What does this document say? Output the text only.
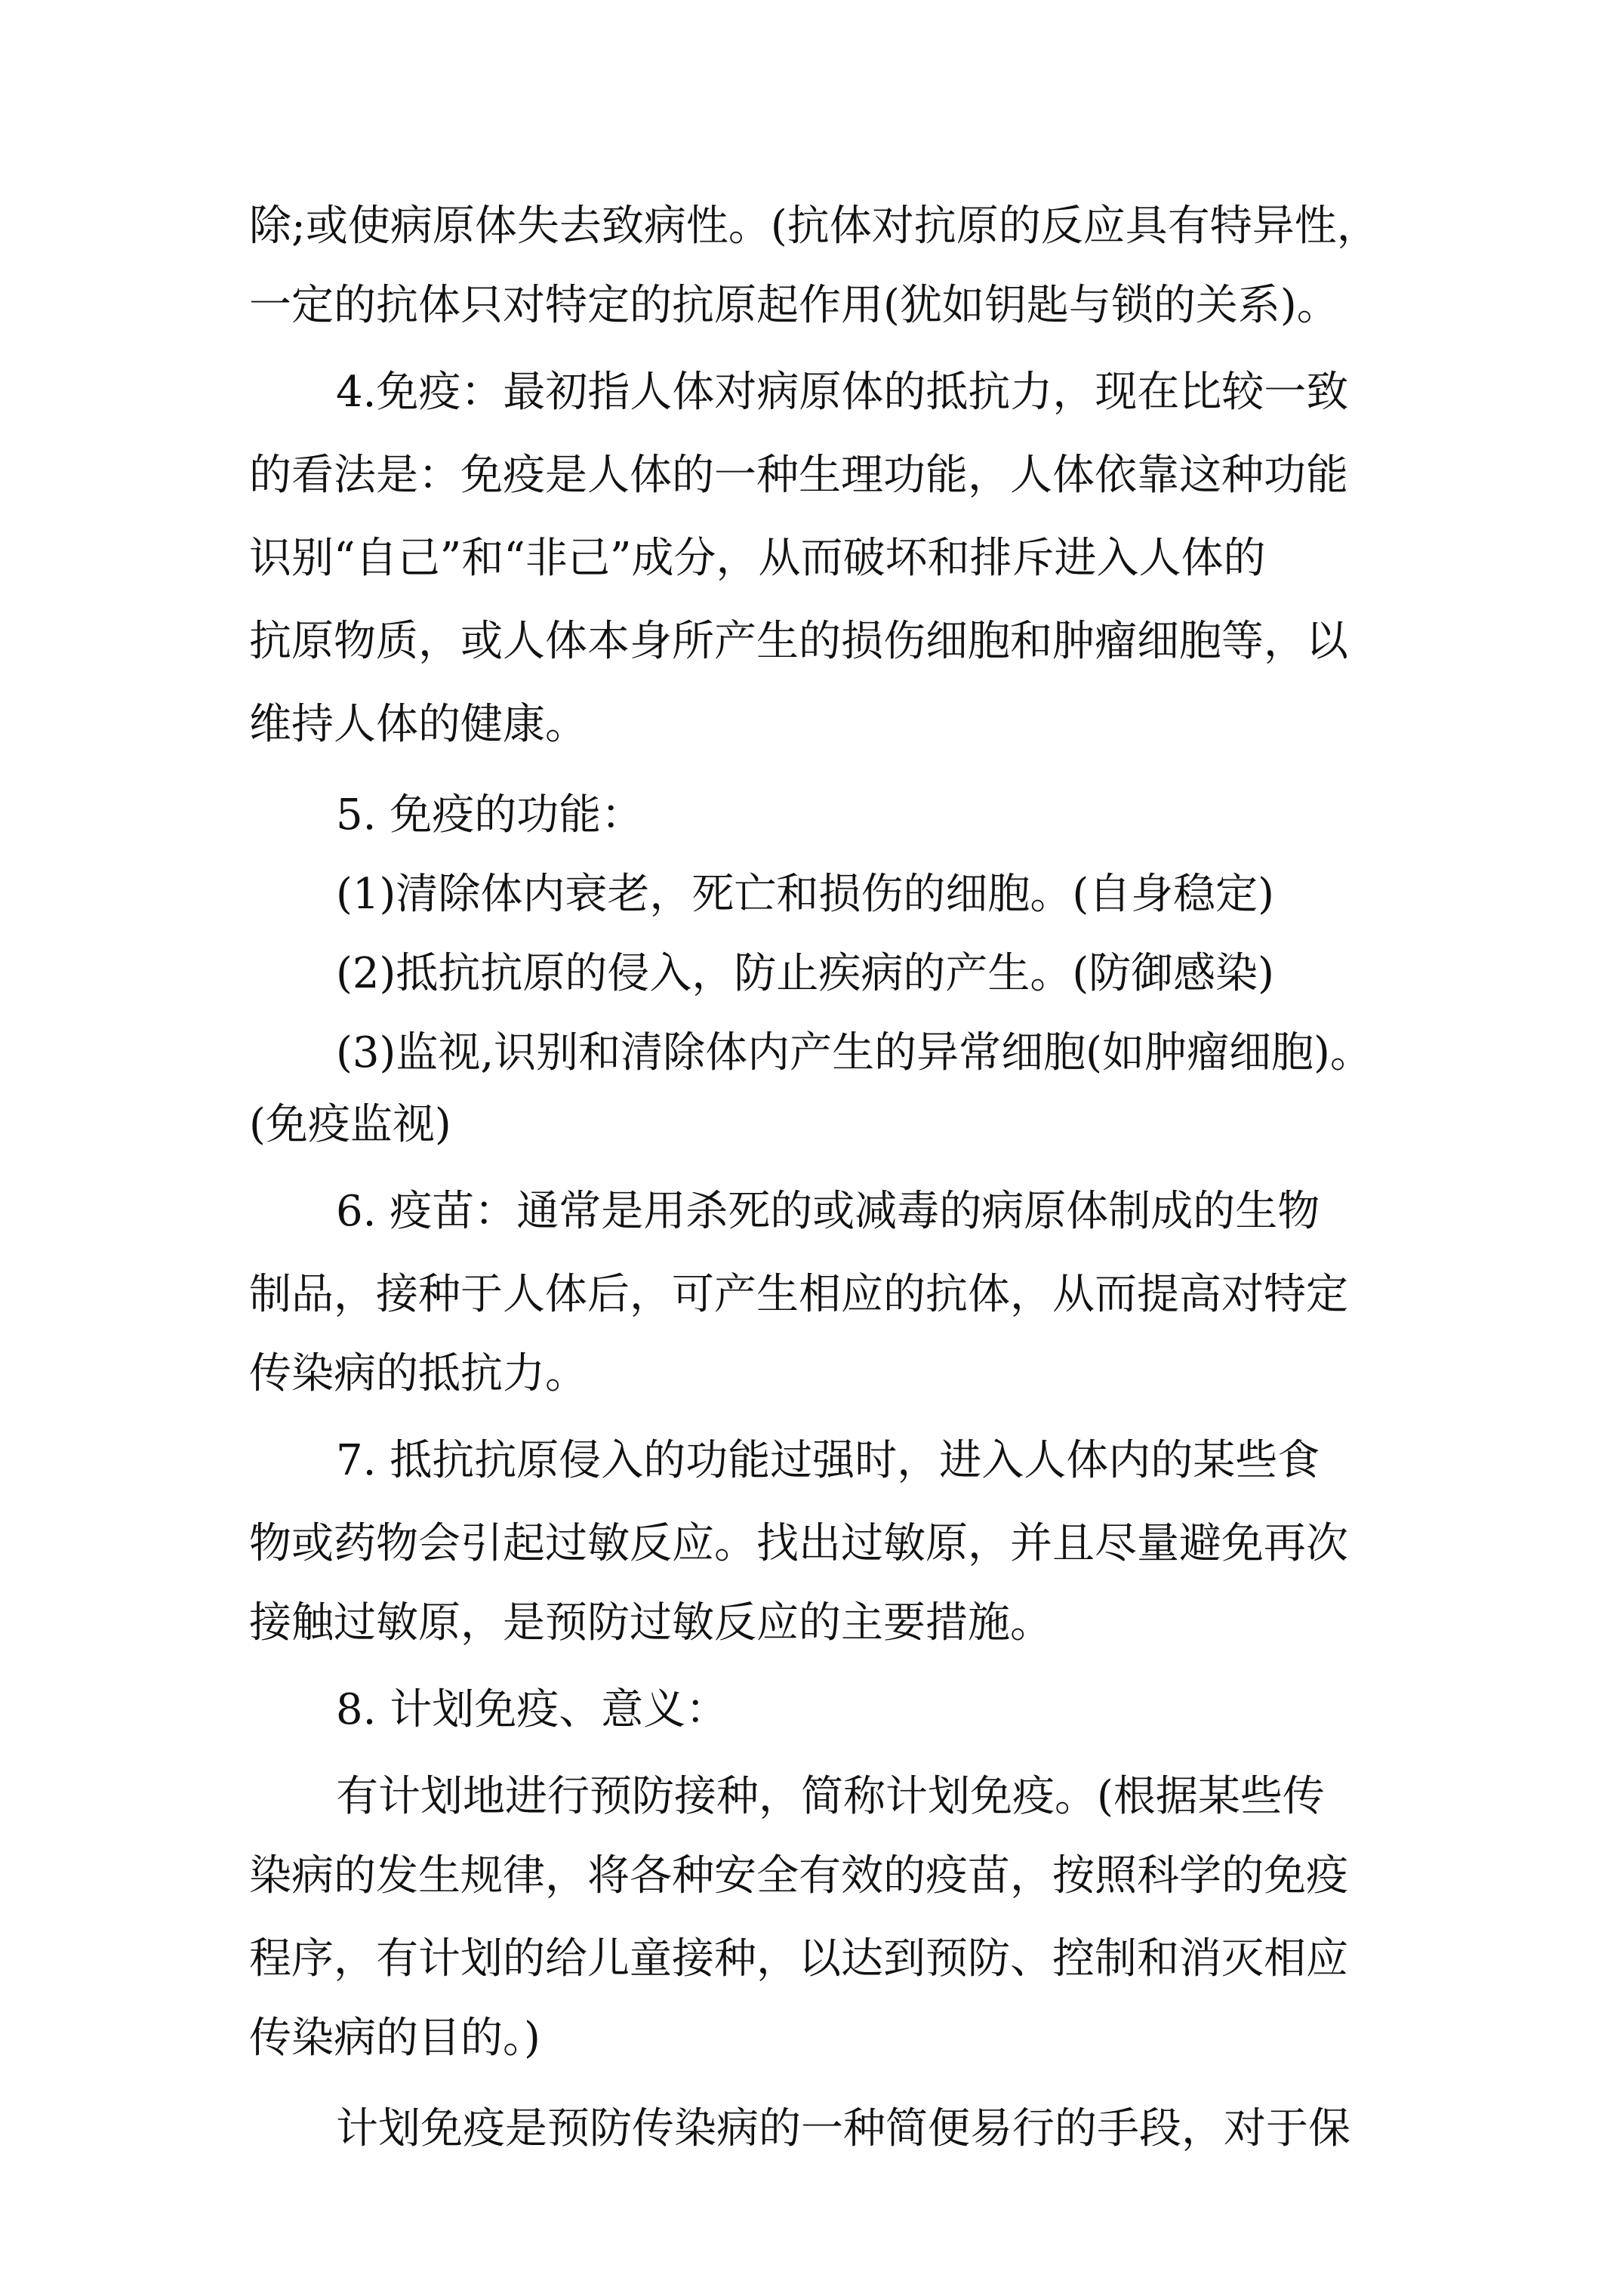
除;或使病原体失去致病性。(抗体对抗原的反应具有特异性，
一定的抗体只对特定的抗原起作用(犹如钥匙与锁的关系)。
4.免疫：最初指人体对病原体的抵抗力，现在比较一致
的看法是：免疫是人体的一种生理功能，人体依靠这种功能
识别“自己”和“非己”成分，从而破坏和排斥进入人体的
抗原物质，或人体本身所产生的损伤细胞和肿瘤细胞等，以
维持人体的健康。
5. 免疫的功能：
(1)清除体内衰老，死亡和损伤的细胞。(自身稳定)
(2)抵抗抗原的侵入，防止疾病的产生。(防御感染)
(3)监视,识别和清除体内产生的异常细胞(如肿瘤细胞)。
(免疫监视)
6. 疫苗：通常是用杀死的或减毒的病原体制成的生物
制品，接种于人体后，可产生相应的抗体，从而提高对特定
传染病的抵抗力。
7. 抵抗抗原侵入的功能过强时，进入人体内的某些食
物或药物会引起过敏反应。找出过敏原，并且尽量避免再次
接触过敏原，是预防过敏反应的主要措施。
8. 计划免疫、意义：
有计划地进行预防接种，简称计划免疫。(根据某些传
染病的发生规律，将各种安全有效的疫苗，按照科学的免疫
程序，有计划的给儿童接种，以达到预防、控制和消灭相应
传染病的目的。)
计划免疫是预防传染病的一种简便易行的手段，对于保
